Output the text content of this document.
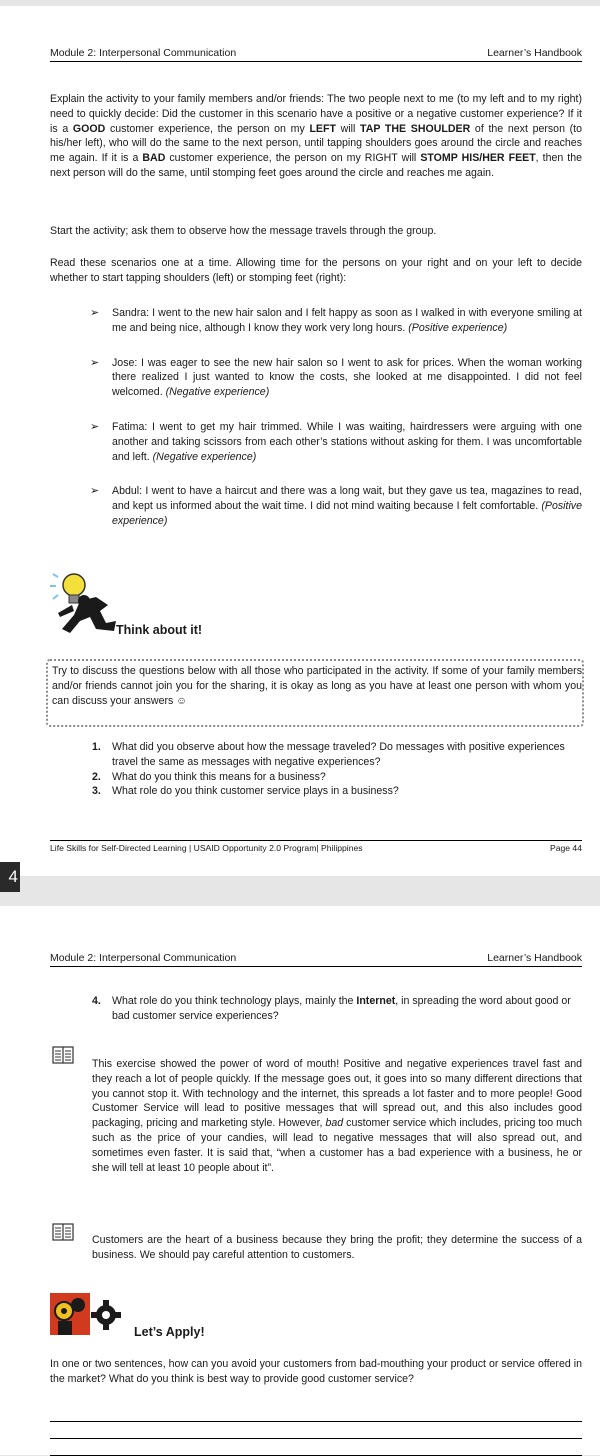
Module 2: Interpersonal Communication	Learner’s Handbook

Explain the activity to your family members and/or friends: The two people next to me (to my left and to my right) need to quickly decide: Did the customer in this scenario have a positive or a negative customer experience? If it is a GOOD customer experience, the person on my LEFT will TAP THE SHOULDER of the next person (to his/her left), who will do the same to the next person, until tapping shoulders goes around the circle and reaches me again. If it is a BAD customer experience, the person on my RIGHT will STOMP HIS/HER FEET, then the next person will do the same, until stomping feet goes around the circle and reaches me again.

Start the activity; ask them to observe how the message travels through the group.

Read these scenarios one at a time. Allowing time for the persons on your right and on your left to decide whether to start tapping shoulders (left) or stomping feet (right):

➢ Sandra: I went to the new hair salon and I felt happy as soon as I walked in with everyone smiling at me and being nice, although I know they work very long hours. (Positive experience)
➢ Jose: I was eager to see the new hair salon so I went to ask for prices. When the woman working there realized I just wanted to know the costs, she looked at me disappointed. I did not feel welcomed. (Negative experience)
➢ Fatima: I went to get my hair trimmed. While I was waiting, hairdressers were arguing with one another and taking scissors from each other’s stations without asking for them. I was uncomfortable and left. (Negative experience)
➢ Abdul: I went to have a haircut and there was a long wait, but they gave us tea, magazines to read, and kept us informed about the wait time. I did not mind waiting because I felt comfortable. (Positive experience)
Think about it!

Try to discuss the questions below with all those who participated in the activity. If some of your family members and/or friends cannot join you for the sharing, it is okay as long as you have at least one person with whom you can discuss your answers ☺

1. What did you observe about how the message traveled? Do messages with positive experiences travel the same as messages with negative experiences?
2. What do you think this means for a business?
3. What role do you think customer service plays in a business?
Life Skills for Self-Directed Learning | USAID Opportunity 2.0 Program| Philippines	Page 44
4
Module 2: Interpersonal Communication	Learner’s Handbook
4. What role do you think technology plays, mainly the Internet, in spreading the word about good or bad customer service experiences?

This exercise showed the power of word of mouth! Positive and negative experiences travel fast and they reach a lot of people quickly. If the message goes out, it goes into so many different directions that you cannot stop it. With technology and the internet, this spreads a lot faster and to more people! Good Customer Service will lead to positive messages that will spread out, and this also includes good packaging, pricing and marketing style. However, bad customer service which includes, pricing too much such as the price of your candies, will lead to negative messages that will also spread out, and sometimes even faster. It is said that, “when a customer has a bad experience with a business, he or she will tell at least 10 people about it”.

Customers are the heart of a business because they bring the profit; they determine the success of a business. We should pay careful attention to customers.

Let’s Apply!

In one or two sentences, how can you avoid your customers from bad-mouthing your product or service offered in the market? What do you think is best way to provide good customer service?
